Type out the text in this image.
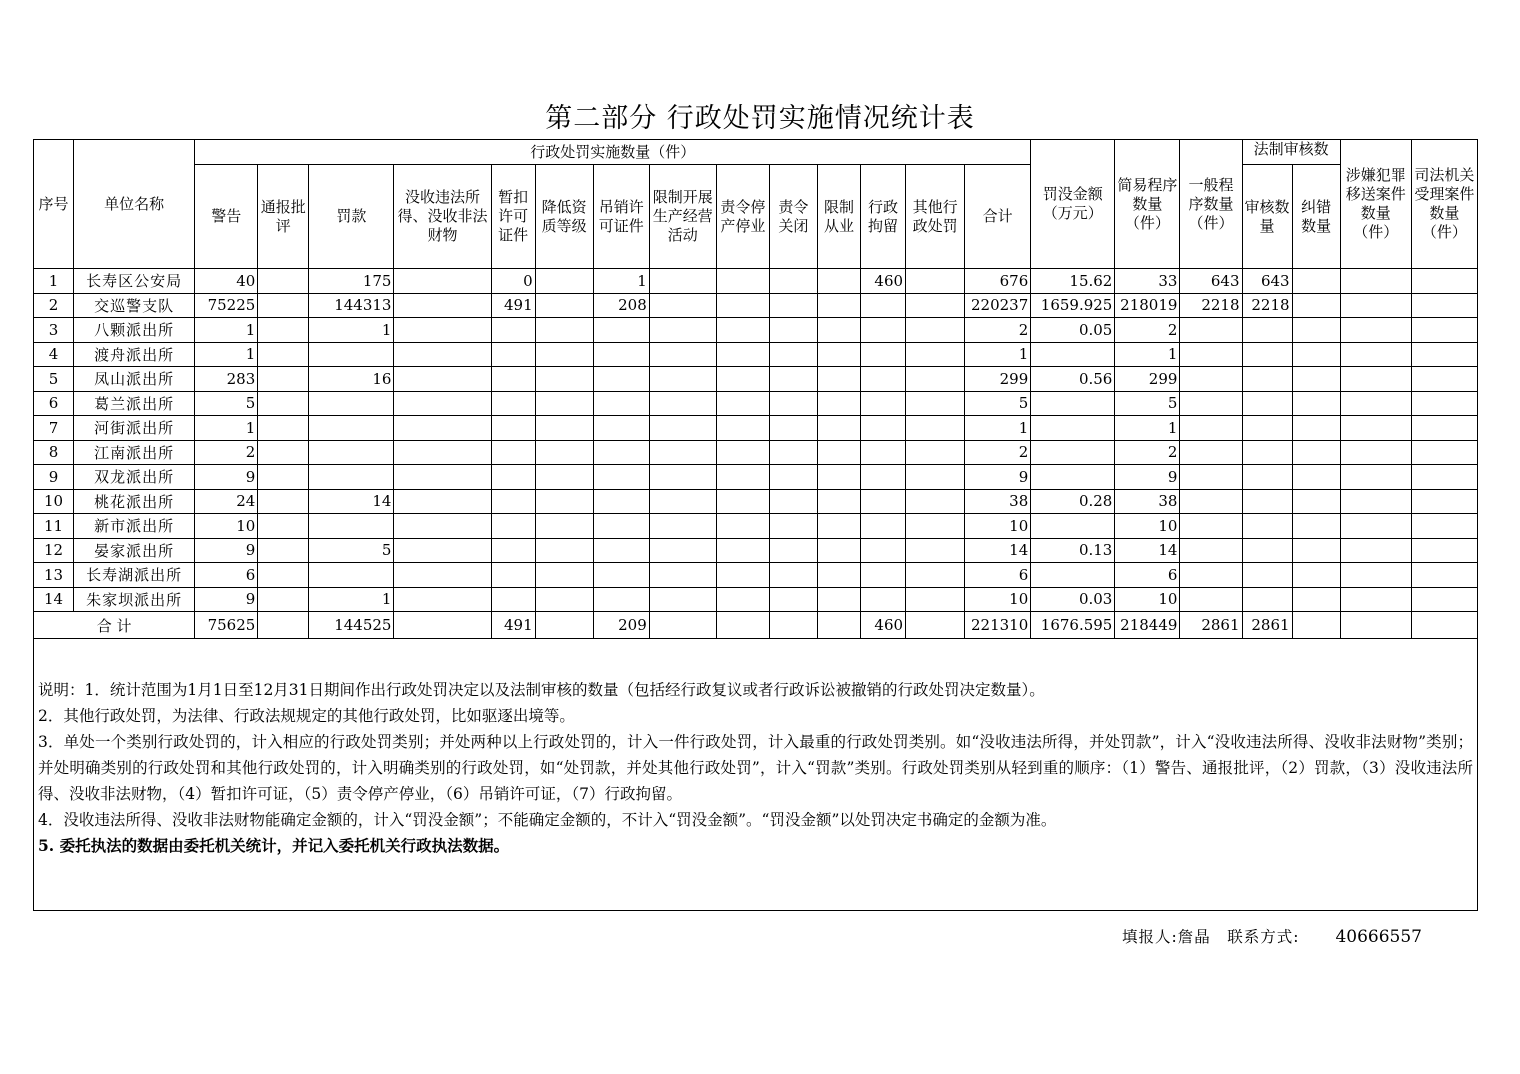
第二部分 行政处罚实施情况统计表
序号	单位名称	行政处罚实施数量（件）														罚没金额（万元）	简易程序数量（件）	一般程序数量（件）	法制审核数		涉嫌犯罪移送案件数量（件）	司法机关受理案件数量（件）
		警告	通报批评	罚款	没收违法所得、没收非法财物	暂扣许可证件	降低资质等级	吊销许可证件	限制开展生产经营活动	责令停产停业	责令关闭	限制从业	行政拘留	其他行政处罚	合计				审核数量	纠错数量		
1	长寿区公安局	40		175		0		1					460		676	15.62	33	643	643			
2	交巡警支队	75225		144313		491		208							220237	1659.925	218019	2218	2218			
3	八颗派出所	1		1											2	0.05	2					
4	渡舟派出所	1													1		1					
5	凤山派出所	283		16											299	0.56	299					
6	葛兰派出所	5													5		5					
7	河街派出所	1													1		1					
8	江南派出所	2													2		2					
9	双龙派出所	9													9		9					
10	桃花派出所	24		14											38	0.28	38					
11	新市派出所	10													10		10					
12	晏家派出所	9		5											14	0.13	14					
13	长寿湖派出所	6													6		6					
14	朱家坝派出所	9		1											10	0.03	10					
合 计		75625		144525		491		209					460		221310	1676.595	218449	2861	2861			

说明：1．统计范围为1月1日至12月31日期间作出行政处罚决定以及法制审核的数量（包括经行政复议或者行政诉讼被撤销的行政处罚决定数量）。

2．其他行政处罚，为法律、行政法规规定的其他行政处罚，比如驱逐出境等。

3．单处一个类别行政处罚的，计入相应的行政处罚类别；并处两种以上行政处罚的，计入一件行政处罚，计入最重的行政处罚类别。如“没收违法所得，并处罚款”，计入“没收违法所得、没收非法财物”类别；并处明确类别的行政处罚和其他行政处罚的，计入明确类别的行政处罚，如“处罚款，并处其他行政处罚”，计入“罚款”类别。行政处罚类别从轻到重的顺序：（1）警告、通报批评，（2）罚款，（3）没收违法所得、没收非法财物，（4）暂扣许可证，（5）责令停产停业，（6）吊销许可证，（7）行政拘留。

4．没收违法所得、没收非法财物能确定金额的，计入“罚没金额”；不能确定金额的，不计入“罚没金额”。“罚没金额”以处罚决定书确定的金额为准。

5. 委托执法的数据由委托机关统计，并记入委托机关行政执法数据。																						

填报人:詹晶　联系方式: 40666557
